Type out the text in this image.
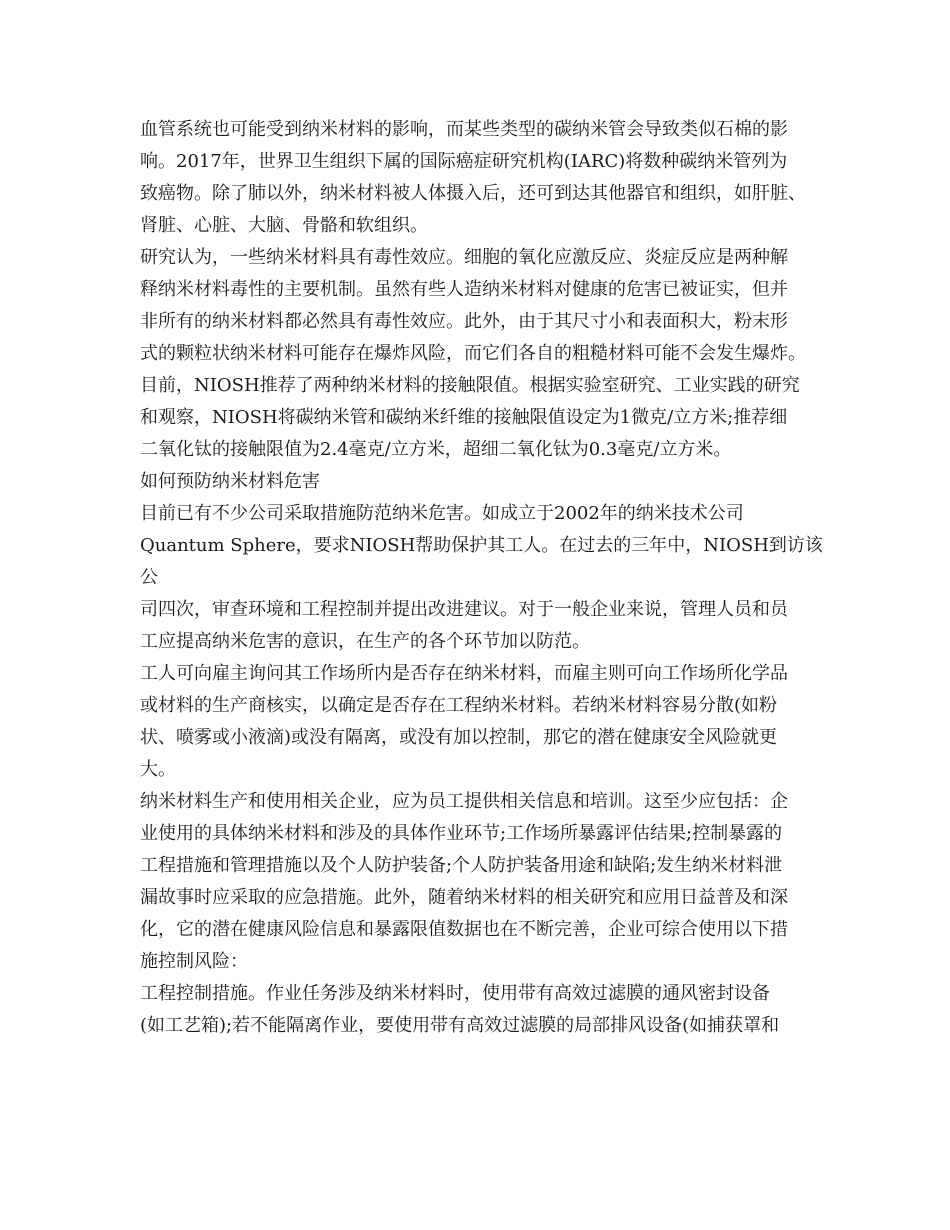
血管系统也可能受到纳米材料的影响，而某些类型的碳纳米管会导致类似石棉的影
响。2017年，世界卫生组织下属的国际癌症研究机构(IARC)将数种碳纳米管列为
致癌物。除了肺以外，纳米材料被人体摄入后，还可到达其他器官和组织，如肝脏、
肾脏、心脏、大脑、骨骼和软组织。

研究认为，一些纳米材料具有毒性效应。细胞的氧化应激反应、炎症反应是两种解
释纳米材料毒性的主要机制。虽然有些人造纳米材料对健康的危害已被证实，但并
非所有的纳米材料都必然具有毒性效应。此外，由于其尺寸小和表面积大，粉末形
式的颗粒状纳米材料可能存在爆炸风险，而它们各自的粗糙材料可能不会发生爆炸。

目前，NIOSH推荐了两种纳米材料的接触限值。根据实验室研究、工业实践的研究
和观察，NIOSH将碳纳米管和碳纳米纤维的接触限值设定为1微克/立方米;推荐细
二氧化钛的接触限值为2.4毫克/立方米，超细二氧化钛为0.3毫克/立方米。

如何预防纳米材料危害

目前已有不少公司采取措施防范纳米危害。如成立于2002年的纳米技术公司
Quantum Sphere，要求NIOSH帮助保护其工人。在过去的三年中，NIOSH到访该公
司四次，审查环境和工程控制并提出改进建议。对于一般企业来说，管理人员和员
工应提高纳米危害的意识，在生产的各个环节加以防范。

工人可向雇主询问其工作场所内是否存在纳米材料，而雇主则可向工作场所化学品
或材料的生产商核实，以确定是否存在工程纳米材料。若纳米材料容易分散(如粉
状、喷雾或小液滴)或没有隔离，或没有加以控制，那它的潜在健康安全风险就更
大。

纳米材料生产和使用相关企业，应为员工提供相关信息和培训。这至少应包括：企
业使用的具体纳米材料和涉及的具体作业环节;工作场所暴露评估结果;控制暴露的
工程措施和管理措施以及个人防护装备;个人防护装备用途和缺陷;发生纳米材料泄
漏故事时应采取的应急措施。此外，随着纳米材料的相关研究和应用日益普及和深
化，它的潜在健康风险信息和暴露限值数据也在不断完善，企业可综合使用以下措
施控制风险：

工程控制措施。作业任务涉及纳米材料时，使用带有高效过滤膜的通风密封设备
(如工艺箱);若不能隔离作业，要使用带有高效过滤膜的局部排风设备(如捕获罩和
